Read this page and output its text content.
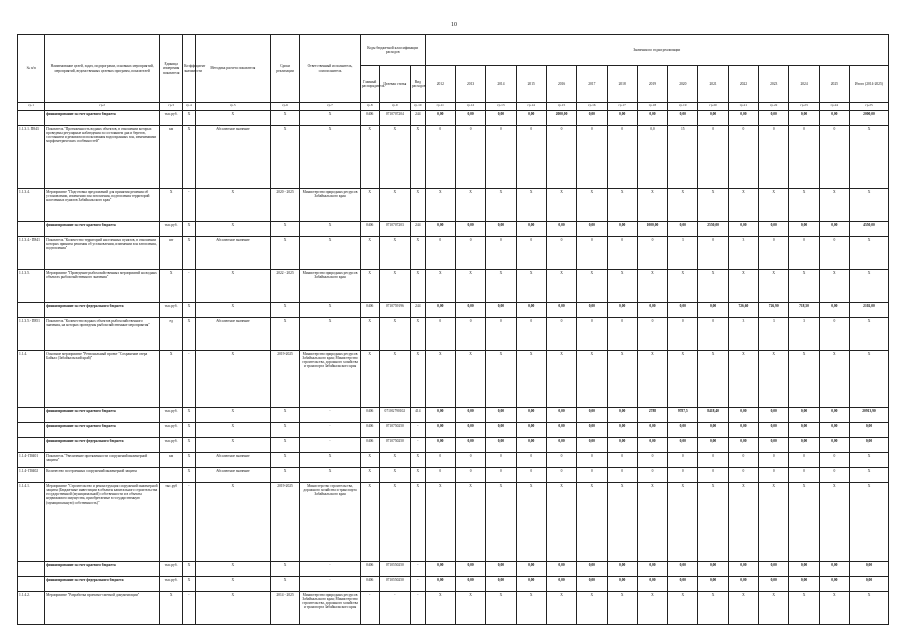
10
№ п/п	Наименование целей, задач, подпрограмм, основных мероприятий, мероприятий, ведомственных целевых программ, показателей	Единица измерения показателя	Коэффициент значимости	Методика расчета показателя	Сроки реализации	Ответственный исполнитель, соисполнитель	Коды бюджетной классификации расходов			Значения по годам реализации														
							Главный распорядитель	Целевая статья	Вид расходов	2012	2013	2014	2015	2016	2017	2018	2019	2020	2021	2022	2023	2024	2025	Итого (2014-2025)
гр.1	гр.2	гр.3	гр.4	гр.5	гр.6	гр.7	гр.8	гр.9	гр.10	гр.11	гр.12	гр.13	гр.14	гр.15	гр.16	гр.17	гр.18	гр.19	гр.20	гр.21	гр.22	гр.23	гр.24	гр.25
	финансирование за счет краевого бюджета	тыс.руб.	X	X	X	X	0406	0710707204	244	0,00	0,00	0,00	0,00	2000,00	0,00	0,00	0,00	0,00	0,00	0,00	0,00	0,00	0,00	2000,00
1.1.3.1. П843	Показатель "Протяженность водных объектов, в отношении которых проведены регулярные наблюдения за состоянием дна и берегов, состоянием и режимом использования водоохранных зон, изменениями морфометрических особенностей"	км	X	Абсолютное значение	X	X	X	X	X	0	0	0	0	0	0	0	0,0	15	0	0	0	0	0	X
1.1.3.4.	Мероприятие "Подготовка предложений для принятия решения об установлении, изменении зон затопления, подтопления территорий населенных пунктов Забайкальского края"	X	-	X	2020 - 2025	Министерство природных ресурсов Забайкальского края	X	X	X	X	X	X	X	X	X	X	X	X	X	X	X	X	X	X
	финансирование за счет краевого бюджета	тыс.руб.	X	X	X	X	0406	0710707203	244	0,00	0,00	0,00	0,00	0,00	0,00	0,00	1000,00	0,00	2550,00	0,00	0,00	0,00	0,00	4550,00
1.1.3.4.- П841	Показатель "Количество территорий населенных пунктов, в отношении которых приняты решения об установлении, изменении зон затопления, подтопления"	шт	X	Абсолютное значение	X	X	X	X	X	0	0	0	0	0	0	0	0	3	0	3	0	0	0	X
1.1.3.5.	Мероприятие "Проведение рыбохозяйственных мероприятий на водных объектах рыбохозяйственного значения"	X	-	X	2022 - 2025	Министерство природных ресурсов Забайкальского края	X	X	X	X	X	X	X	X	X	X	X	X	X	X	X	X	X	X
	финансирование за счет федерального бюджета	тыс.руб.	X	X	X	X	0406	0710759196	244	0,00	0,00	0,00	0,00	0,00	0,00	0,00	0,00	0,00	0,00	726,60	726,90	718,50	0,00	2102,00
1.1.3.5.- П851	Показатель "Количество водных объектов рыбохозяйственного значения, на которых проведены рыбохозяйственные мероприятия"	ед	X	Абсолютное значение	X	X	X	X	X	0	0	0	0	0	0	0	0	0	0	3	3	3	0	X
1.1.4.	Основное мероприятие "Региональный проект "Сохранение озера Байкал (Забайкальский край)"	X	-	X	2019-2025	Министерство природных ресурсов Забайкальского края; Министерство строительства, дорожного хозяйства и транспорта Забайкальского края	X	X	X	X	X	X	X	X	X	X	X	X	X	X	X	X	X	X
	финансирование за счет краевого бюджета	тыс.руб.	X	X	X	-	0406	0710G790102	414	0,00	0,00	0,00	0,00	0,00	0,00	0,00	2788	9787,5	8418,40	0,00	0,00	0,00	0,00	20913,90
	финансирование за счет краевого бюджета	тыс.руб.	X	X	X	-	0406	0710750250	-	0,00	0,00	0,00	0,00	0,00	0,00	0,00	0,00	0,00	0,00	0,00	0,00	0,00	0,00	0,00
	финансирование за счет федерального бюджета	тыс.руб.	X	X	X	-	0406	0710750250	-	0,00	0,00	0,00	0,00	0,00	0,00	0,00	0,00	0,00	0,00	0,00	0,00	0,00	0,00	0,00
1.1.4- П0401	Показатель "Увеличение протяженности сооружений инженерной защиты"	км	X	Абсолютное значение	X	X	X	X	X	0	0	0	0	0	0	0	0	0	0	0	0	0	0	X
1.1.4- П0402	Количество построенных сооружений инженерной защиты		X	Абсолютное значение	X	X	X	X	X	0	0	0	0	0	0	0	0	0	0	0	0	0	0	X
1.1.4.1.	Мероприятие "Строительство и реконструкция сооружений инженерной защиты (Бюджетные инвестиции в объекты капитального строительства государственной (муниципальной) собственности и в объекты недвижимого имущества, приобретаемые в государственную (муниципальную) собственность)"	тыс.руб	-	X	2019-2025	Министерство строительства, дорожного хозяйства и транспорта Забайкальского края	X	X	X	X	X	X	X	X	X	X	X	X	X	X	X	X	X	X
	финансирование за счет краевого бюджета	тыс.руб.	X	X	X	-	0406	0710550250	-	0,00	0,00	0,00	0,00	0,00	0,00	0,00	0,00	0,00	0,00	0,00	0,00	0,00	0,00	0,00
	финансирование за счет федерального бюджета	тыс.руб.	X	X	X	-	0406	0710550250	-	0,00	0,00	0,00	0,00	0,00	0,00	0,00	0,00	0,00	0,00	0,00	0,00	0,00	0,00	0,00
1.1.4.2.	Мероприятие "Разработка проектно-сметной документации"	X	-	X	2014 - 2025	Министерство природных ресурсов Забайкальского края; Министерство строительства, дорожного хозяйства и транспорта Забайкальского края	-	-	-	X	X	X	X	X	X	X	X	X	X	X	X	X	X	X
